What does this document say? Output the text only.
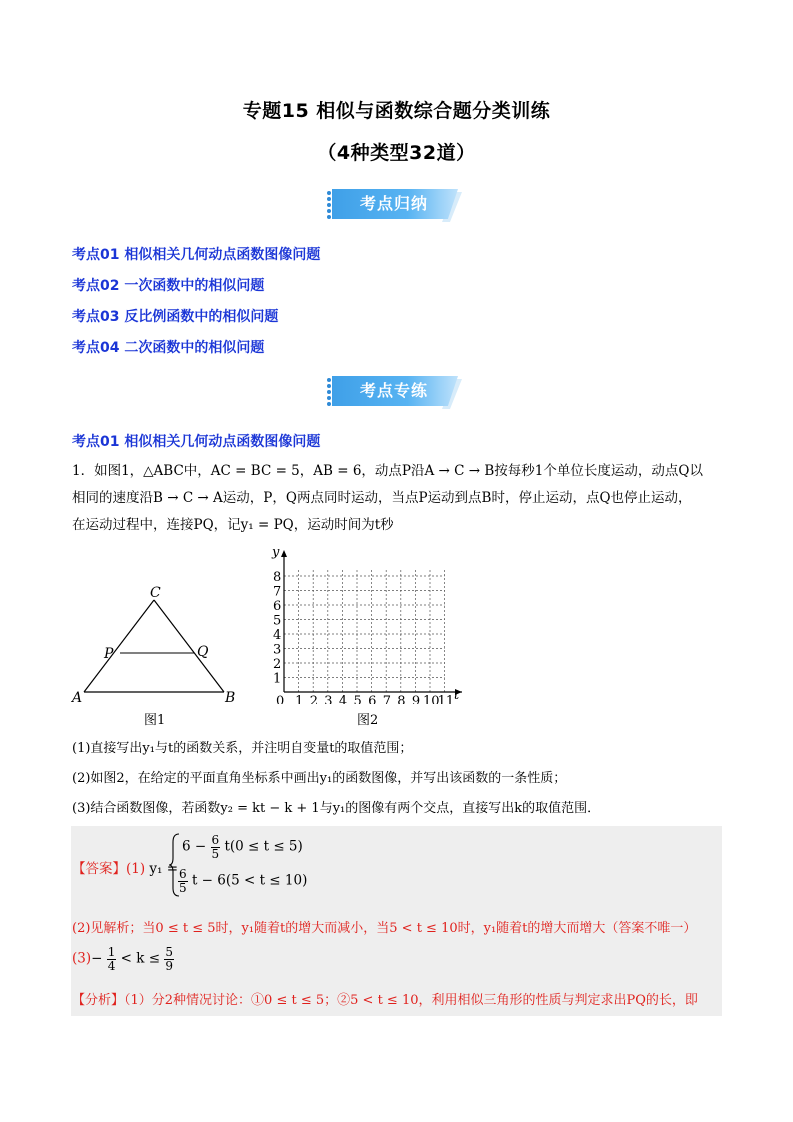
专题15 相似与函数综合题分类训练
（4种类型32道）
考点归纳
考点01 相似相关几何动点函数图像问题
考点02 一次函数中的相似问题
考点03 反比例函数中的相似问题
考点04 二次函数中的相似问题
考点专练
考点01 相似相关几何动点函数图像问题
1．如图1，△ABC中，AC = BC = 5，AB = 6，动点P沿A → C → B按每秒1个单位长度运动，动点Q以
相同的速度沿B → C → A运动，P，Q两点同时运动，当点P运动到点B时，停止运动，点Q也停止运动，
在运动过程中，连接PQ，记y₁ = PQ，运动时间为t秒
C
P	Q
A	B
图1
y
t
1
2
3
4
5
6
7
8
0 1 2 3 4 5 6 7 8 9 10
11
图2
(1)直接写出y₁与t的函数关系，并注明自变量t的取值范围；
(2)如图2，在给定的平面直角坐标系中画出y₁的函数图像，并写出该函数的一条性质；
(3)结合函数图像，若函数y₂ = kt − k + 1与y₁的图像有两个交点，直接写出k的取值范围．
【答案】(1) y₁ =
$6 - \frac{6}{5} t(0 \le t \le 5)$
$\frac{6}{5}$ t − 6(5 < t ≤ 10)
(2)见解析；当0 ≤ t ≤ 5时，y₁随着t的增大而减小，当5 < t ≤ 10时，y₁随着t的增大而增大（答案不唯一）
$(3)- \frac{1}{4} < k \le \frac{5}{9}$
【分析】（1）分2种情况讨论：①0 ≤ t ≤ 5；②5 < t ≤ 10，利用相似三角形的性质与判定求出PQ的长，即
